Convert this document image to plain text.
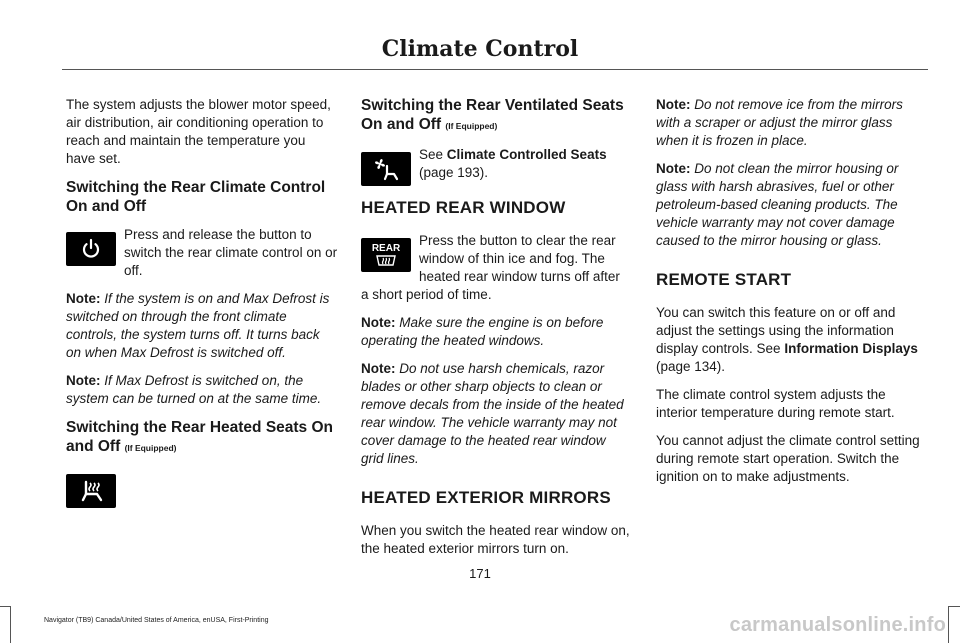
Climate Control

The system adjusts the blower motor speed, air distribution, air conditioning operation to reach and maintain the temperature you have set.

Switching the Rear Climate Control On and Off
Press and release the button to switch the rear climate control on or off.

Note: If the system is on and Max Defrost is switched on through the front climate controls, the system turns off. It turns back on when Max Defrost is switched off.

Note: If Max Defrost is switched on, the system can be turned on at the same time.

Switching the Rear Heated Seats On and Off (If Equipped)
Switching the Rear Ventilated Seats On and Off (If Equipped)
See Climate Controlled Seats (page 193).
HEATED REAR WINDOW
REAR
Press the button to clear the rear window of thin ice and fog. The heated rear window turns off after a short period of time.

Note: Make sure the engine is on before operating the heated windows.

Note: Do not use harsh chemicals, razor blades or other sharp objects to clean or remove decals from the inside of the heated rear window. The vehicle warranty may not cover damage to the heated rear window grid lines.

HEATED EXTERIOR MIRRORS

When you switch the heated rear window on, the heated exterior mirrors turn on.

Note: Do not remove ice from the mirrors with a scraper or adjust the mirror glass when it is frozen in place.

Note: Do not clean the mirror housing or glass with harsh abrasives, fuel or other petroleum-based cleaning products. The vehicle warranty may not cover damage caused to the mirror housing or glass.

REMOTE START

You can switch this feature on or off and adjust the settings using the information display controls. See Information Displays (page 134).

The climate control system adjusts the interior temperature during remote start.

You cannot adjust the climate control setting during remote start operation. Switch the ignition on to make adjustments.

171
Navigator (TB9) Canada/United States of America, enUSA, First-Printing	carmanualsonline.info
